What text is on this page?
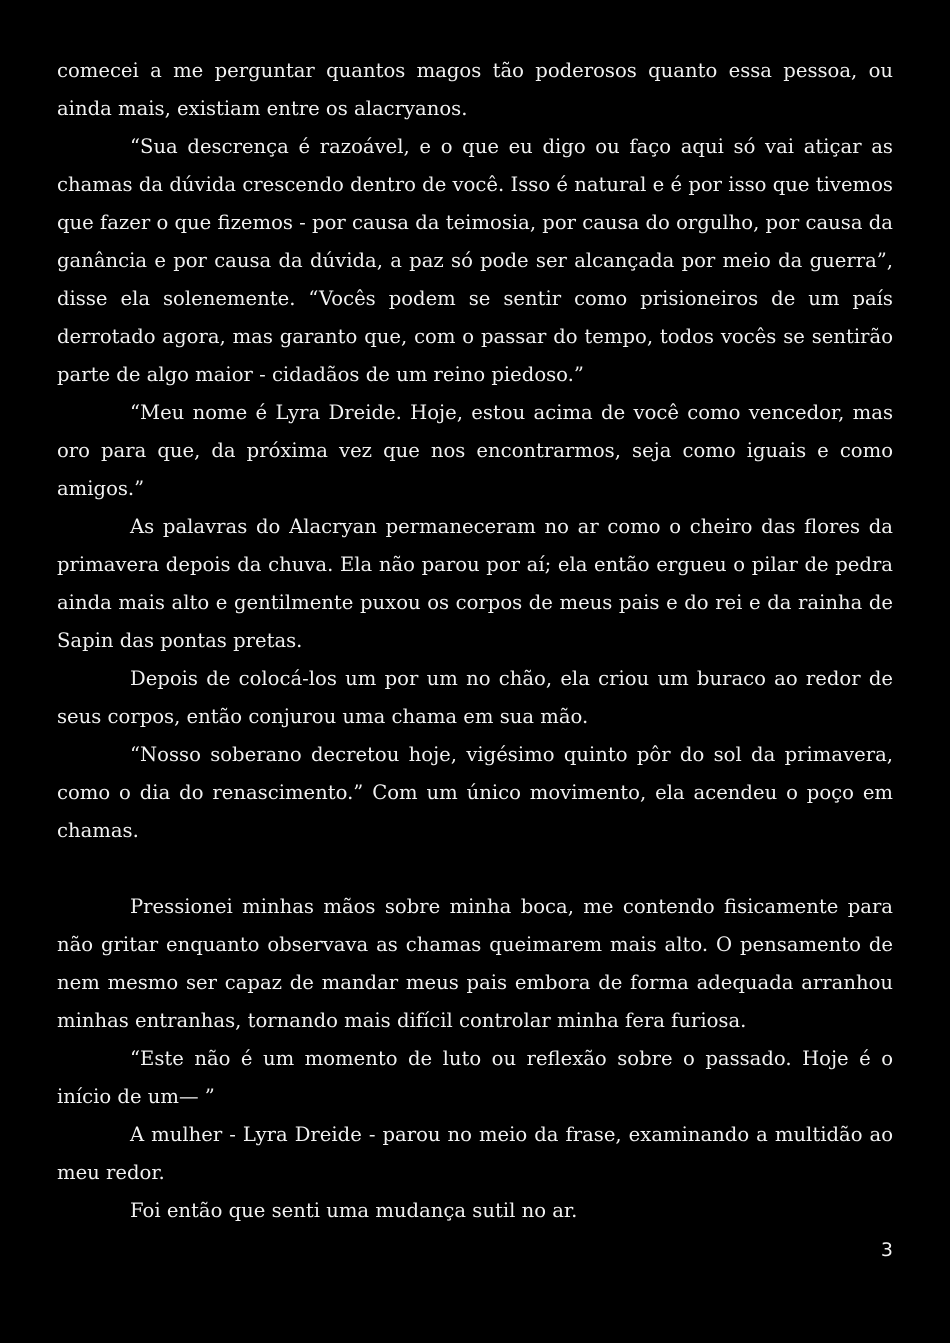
comecei a me perguntar quantos magos tão poderosos quanto essa pessoa, ou ainda mais, existiam entre os alacryanos.

“Sua descrença é razoável, e o que eu digo ou faço aqui só vai atiçar as chamas da dúvida crescendo dentro de você. Isso é natural e é por isso que tivemos que fazer o que fizemos - por causa da teimosia, por causa do orgulho, por causa da ganância e por causa da dúvida, a paz só pode ser alcançada por meio da guerra”, disse ela solenemente. “Vocês podem se sentir como prisioneiros de um país derrotado agora, mas garanto que, com o passar do tempo, todos vocês se sentirão parte de algo maior - cidadãos de um reino piedoso.”

“Meu nome é Lyra Dreide. Hoje, estou acima de você como vencedor, mas oro para que, da próxima vez que nos encontrarmos, seja como iguais e como amigos.”

As palavras do Alacryan permaneceram no ar como o cheiro das flores da primavera depois da chuva. Ela não parou por aí; ela então ergueu o pilar de pedra ainda mais alto e gentilmente puxou os corpos de meus pais e do rei e da rainha de Sapin das pontas pretas.

Depois de colocá-los um por um no chão, ela criou um buraco ao redor de seus corpos, então conjurou uma chama em sua mão.

“Nosso soberano decretou hoje, vigésimo quinto pôr do sol da primavera, como o dia do renascimento.” Com um único movimento, ela acendeu o poço em chamas.

Pressionei minhas mãos sobre minha boca, me contendo fisicamente para não gritar enquanto observava as chamas queimarem mais alto. O pensamento de nem mesmo ser capaz de mandar meus pais embora de forma adequada arranhou minhas entranhas, tornando mais difícil controlar minha fera furiosa.

“Este não é um momento de luto ou reflexão sobre o passado. Hoje é o início de um— ”

A mulher - Lyra Dreide - parou no meio da frase, examinando a multidão ao meu redor.

Foi então que senti uma mudança sutil no ar.

3
